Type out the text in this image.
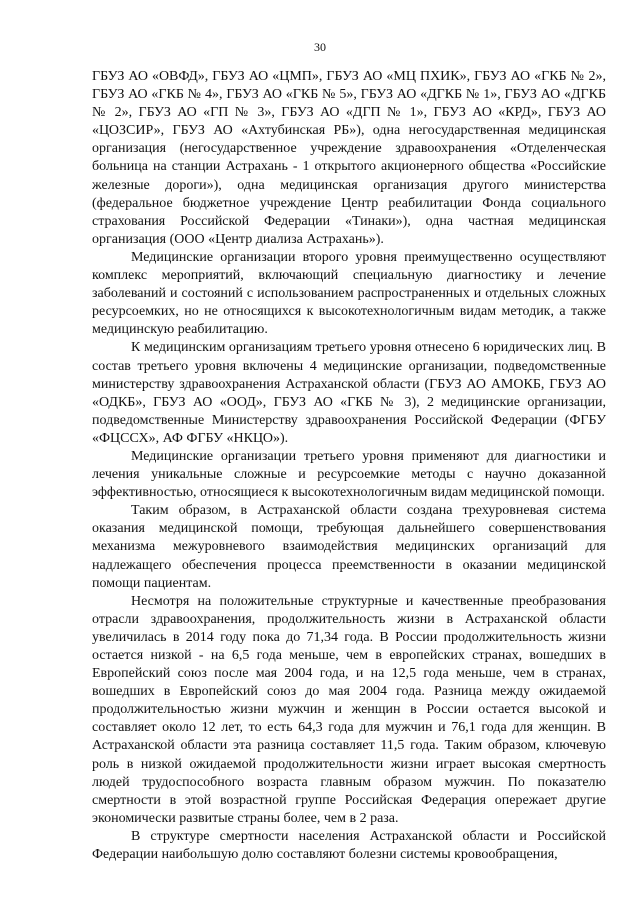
30

ГБУЗ АО «ОВФД», ГБУЗ АО «ЦМП», ГБУЗ АО «МЦ ПХИК», ГБУЗ АО «ГКБ № 2», ГБУЗ АО «ГКБ № 4», ГБУЗ АО «ГКБ № 5», ГБУЗ АО «ДГКБ № 1», ГБУЗ АО «ДГКБ № 2», ГБУЗ АО «ГП № 3», ГБУЗ АО «ДГП № 1», ГБУЗ АО «КРД», ГБУЗ АО «ЦОЗСИР», ГБУЗ АО «Ахтубинская РБ»), одна негосударственная медицинская организация (негосударственное учреждение здравоохранения «Отделенческая больница на станции Астрахань - 1 открытого акционерного общества «Российские железные дороги»), одна медицинская организация другого министерства (федеральное бюджетное учреждение Центр реабилитации Фонда социального страхования Российской Федерации «Тинаки»), одна частная медицинская организация (ООО «Центр диализа Астрахань»).

Медицинские организации второго уровня преимущественно осуществляют комплекс мероприятий, включающий специальную диагностику и лечение заболеваний и состояний с использованием распространенных и отдельных сложных ресурсоемких, но не относящихся к высокотехнологичным видам методик, а также медицинскую реабилитацию.

К медицинским организациям третьего уровня отнесено 6 юридических лиц. В состав третьего уровня включены 4 медицинские организации, подведомственные министерству здравоохранения Астраханской области (ГБУЗ АО АМОКБ, ГБУЗ АО «ОДКБ», ГБУЗ АО «ООД», ГБУЗ АО «ГКБ № 3), 2 медицинские организации, подведомственные Министерству здравоохранения Российской Федерации (ФГБУ «ФЦССХ», АФ ФГБУ «НКЦО»).

Медицинские организации третьего уровня применяют для диагностики и лечения уникальные сложные и ресурсоемкие методы с научно доказанной эффективностью, относящиеся к высокотехнологичным видам медицинской помощи.

Таким образом, в Астраханской области создана трехуровневая система оказания медицинской помощи, требующая дальнейшего совершенствования механизма межуровневого взаимодействия медицинских организаций для надлежащего обеспечения процесса преемственности в оказании медицинской помощи пациентам.

Несмотря на положительные структурные и качественные преобразования отрасли здравоохранения, продолжительность жизни в Астраханской области увеличилась в 2014 году пока до 71,34 года. В России продолжительность жизни остается низкой - на 6,5 года меньше, чем в европейских странах, вошедших в Европейский союз после мая 2004 года, и на 12,5 года меньше, чем в странах, вошедших в Европейский союз до мая 2004 года. Разница между ожидаемой продолжительностью жизни мужчин и женщин в России остается высокой и составляет около 12 лет, то есть 64,3 года для мужчин и 76,1 года для женщин. В Астраханской области эта разница составляет 11,5 года. Таким образом, ключевую роль в низкой ожидаемой продолжительности жизни играет высокая смертность людей трудоспособного возраста главным образом мужчин. По показателю смертности в этой возрастной группе Российская Федерация опережает другие экономически развитые страны более, чем в 2 раза.

В структуре смертности населения Астраханской области и Российской Федерации наибольшую долю составляют болезни системы кровообращения,
